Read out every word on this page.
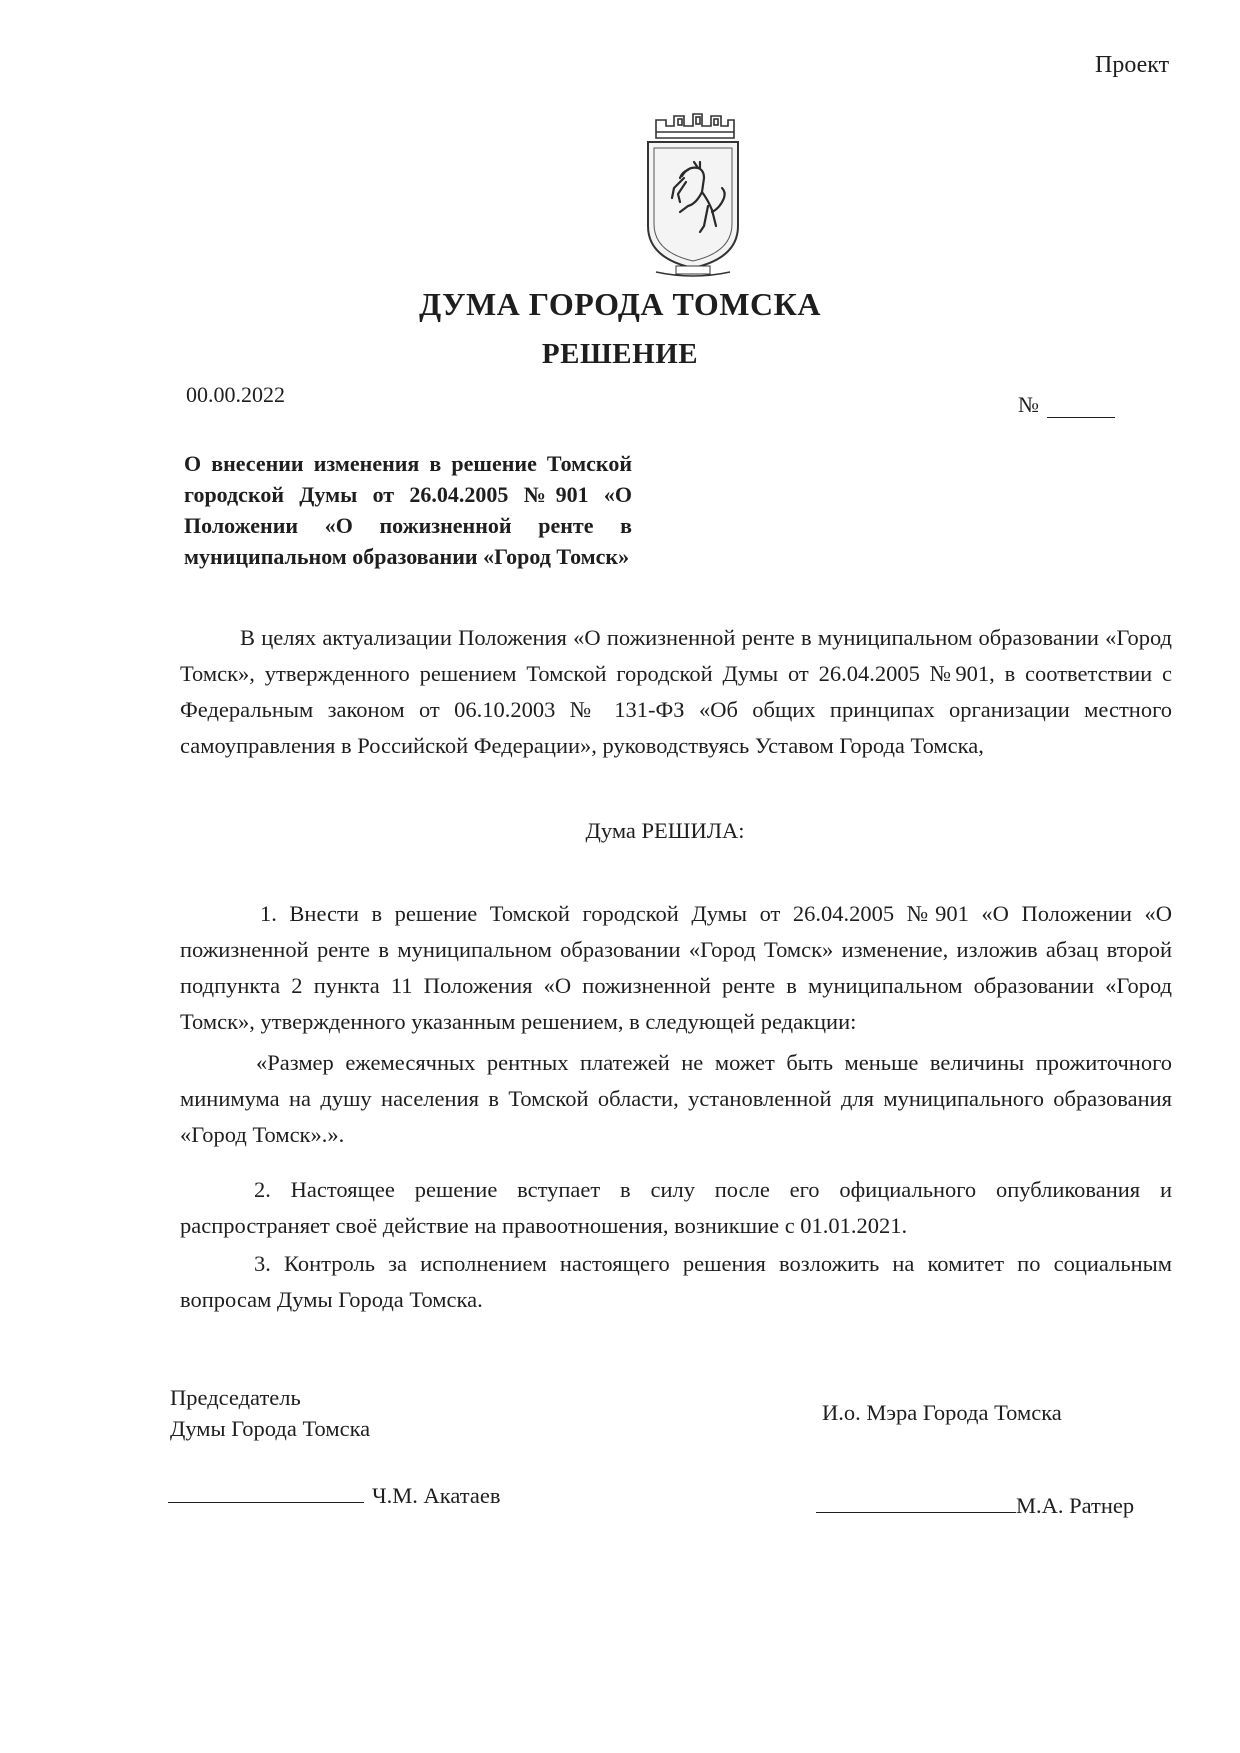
Проект
ДУМА ГОРОДА ТОМСКА
РЕШЕНИЕ
00.00.2022	№
О внесении изменения в решение Томской городской Думы от 26.04.2005 №901 «О Положении «О пожизненной ренте в муниципальном образовании «Город Томск»
В целях актуализации Положения «О пожизненной ренте в муниципальном образовании «Город Томск», утвержденного решением Томской городской Думы от 26.04.2005 №901, в соответствии с Федеральным законом от 06.10.2003 № 131-ФЗ «Об общих принципах организации местного самоуправления в Российской Федерации», руководствуясь Уставом Города Томска,
Дума РЕШИЛА:
1. Внести в решение Томской городской Думы от 26.04.2005 №901 «О Положении «О пожизненной ренте в муниципальном образовании «Город Томск» изменение, изложив абзац второй подпункта 2 пункта 11 Положения «О пожизненной ренте в муниципальном образовании «Город Томск», утвержденного указанным решением, в следующей редакции:
«Размер ежемесячных рентных платежей не может быть меньше величины прожиточного минимума на душу населения в Томской области, установленной для муниципального образования «Город Томск».».
2. Настоящее решение вступает в силу после его официального опубликования и распространяет своё действие на правоотношения, возникшие с 01.01.2021.
3. Контроль за исполнением настоящего решения возложить на комитет по социальным вопросам Думы Города Томска.
Председатель
Думы Города Томска
И.о. Мэра Города Томска
Ч.М. Акатаев	М.А. Ратнер
